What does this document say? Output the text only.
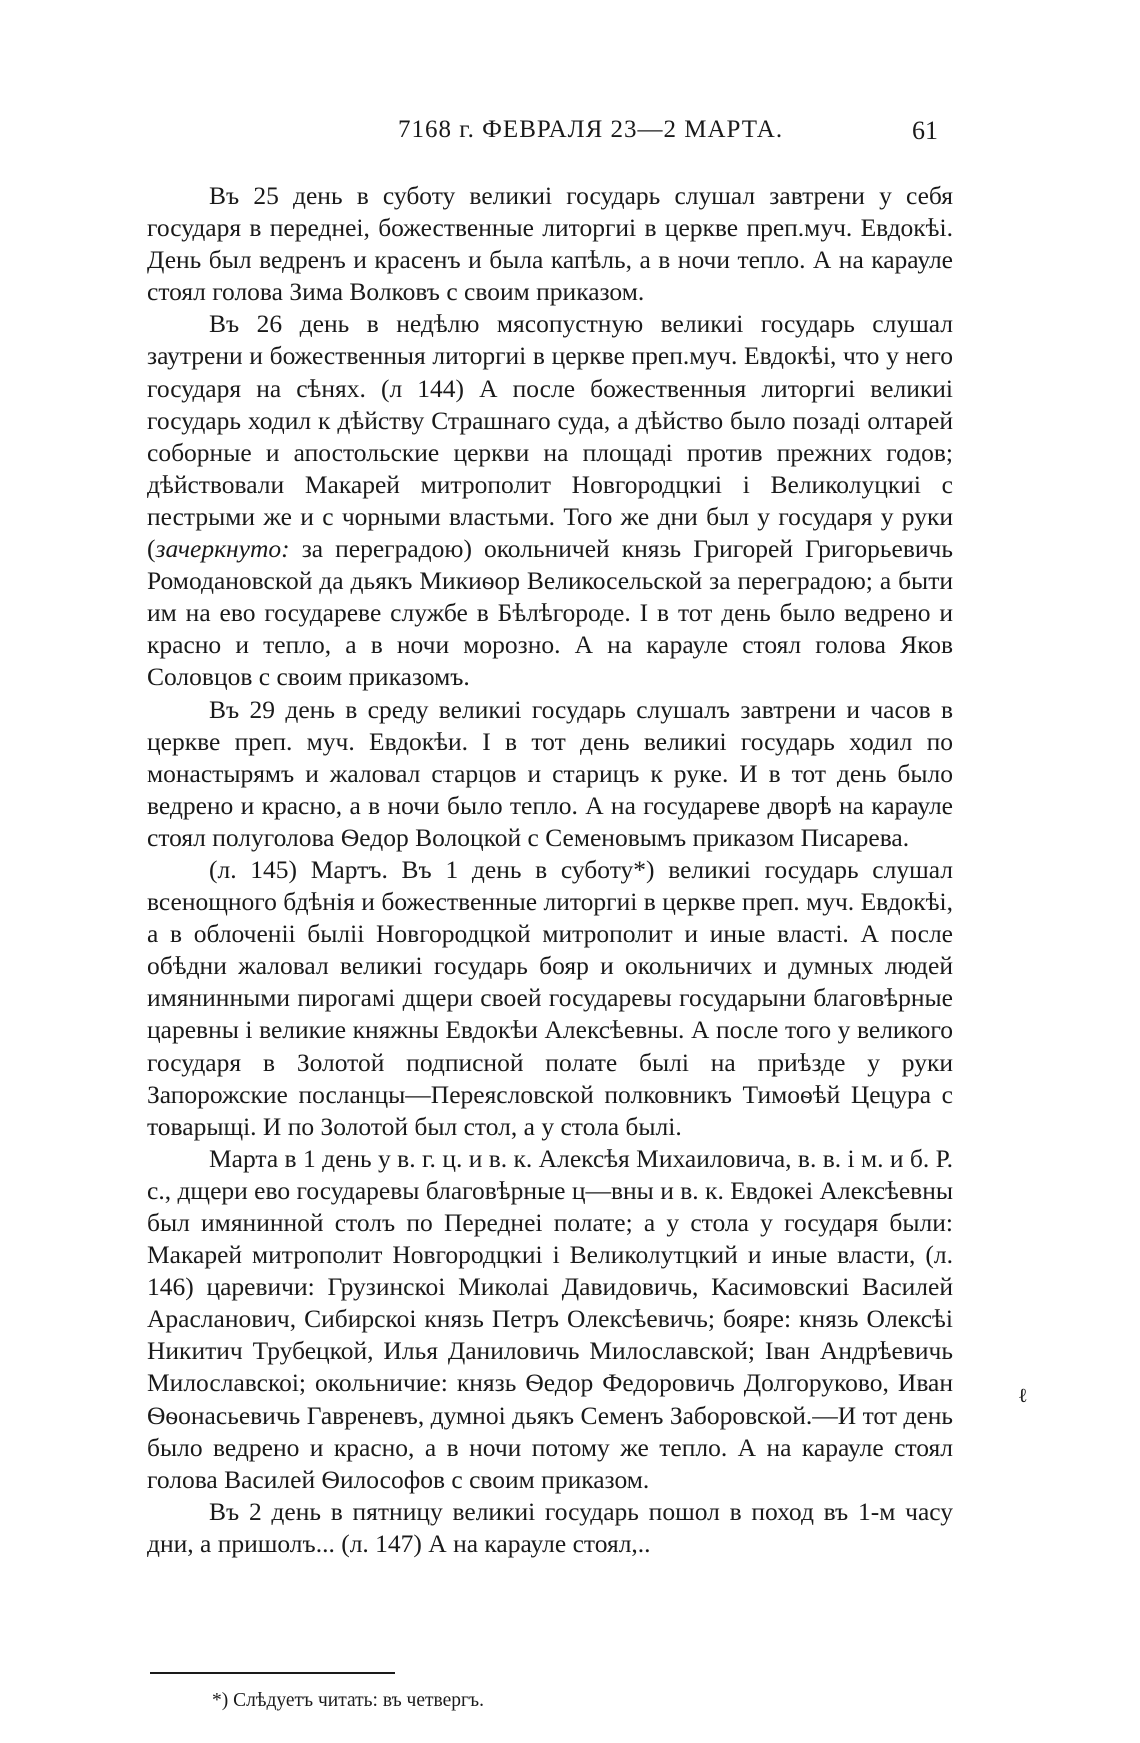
7168 г. ФЕВРАЛЯ 23—2 МАРТА.	61

Въ 25 день в суботу великиі государь слушал завтрени у себя государя в переднеі, божественные литоргиі в церкве преп.муч. Евдокѣі. День был ведренъ и красенъ и была капѣль, а в ночи тепло. А на карауле стоял голова Зима Волковъ с своим приказом.

Въ 26 день в недѣлю мясопустную великиі государь слушал заутрени и божественныя литоргиі в церкве преп.муч. Евдокѣі, что у него государя на сѣнях. (л 144) А после божественныя литоргиі великиі государь ходил к дѣйству Страшнаго суда, а дѣйство было позаді олтарей соборные и апостольские церкви на площаді против прежних годов; дѣйствовали Макарей митрополит Новгородцкиі і Великолуцкиі с пестрыми же и с чорными властьми. Того же дни был у государя у руки (зачеркнуто: за переградою) окольничей князь Григорей Григорьевичь Ромодановской да дьякъ Микиѳор Великосельской за переградою; а быти им на ево государеве службе в Бѣлѣгороде. І в тот день было ведрено и красно и тепло, а в ночи морозно. А на карауле стоял голова Яков Соловцов с своим приказомъ.

Въ 29 день в среду великиі государь слушалъ завтрени и часов в церкве преп. муч. Евдокѣи. І в тот день великиі государь ходил по монастырямъ и жаловал старцов и старицъ к руке. И в тот день было ведрено и красно, а в ночи было тепло. А на государеве дворѣ на карауле стоял полуголова Ѳедор Волоцкой с Семеновымъ приказом Писарева.

(л. 145) Мартъ. Въ 1 день в суботу*) великиі государь слушал всенощного бдѣнія и божественные литоргиі в церкве преп. муч. Евдокѣі, а в облоченіі быліі Новгородцкой митрополит и иные власті. А после обѣдни жаловал великиі государь бояр и окольничих и думных людей имянинными пирогамі дщери своей государевы государыни благовѣрные царевны і великие княжны Евдокѣи Алексѣевны. А после того у великого государя в Золотой подписной полате былі на приѣзде у руки Запорожские посланцы—Переясловской полковникъ Тимоѳѣй Цецура с товарыщі. И по Золотой был стол, а у стола былі.

Марта в 1 день у в. г. ц. и в. к. Алексѣя Михаиловича, в. в. і м. и б. Р. с., дщери ево государевы благовѣрные ц—вны и в. к. Евдокеі Алексѣевны был имянинной столъ по Переднеі полате; а у стола у государя были: Макарей митрополит Новгородцкиі і Великолутцкий и иные власти, (л. 146) царевичи: Грузинскоі Миколаі Давидовичь, Касимовскиі Василей Арасланович, Сибирскоі князь Петръ Олексѣевичь; бояре: князь Олексѣі Никитич Трубецкой, Илья Даниловичь Милославской; Іван Андрѣевичь Милославскоі; окольничие: князь Ѳедор Федоровичь Долгоруково, Иван Ѳѳонасьевичь Гавреневъ, думноі дьякъ Семенъ Заборовской.—И тот день было ведрено и красно, а в ночи потому же тепло. А на карауле стоял голова Василей Ѳилософов с своим приказом.

Въ 2 день в пятницу великиі государь пошол в поход въ 1-м часу дни, а пришолъ... (л. 147) А на карауле стоял,..

ℓ
*) Слѣдуетъ читать: въ четвергъ.
